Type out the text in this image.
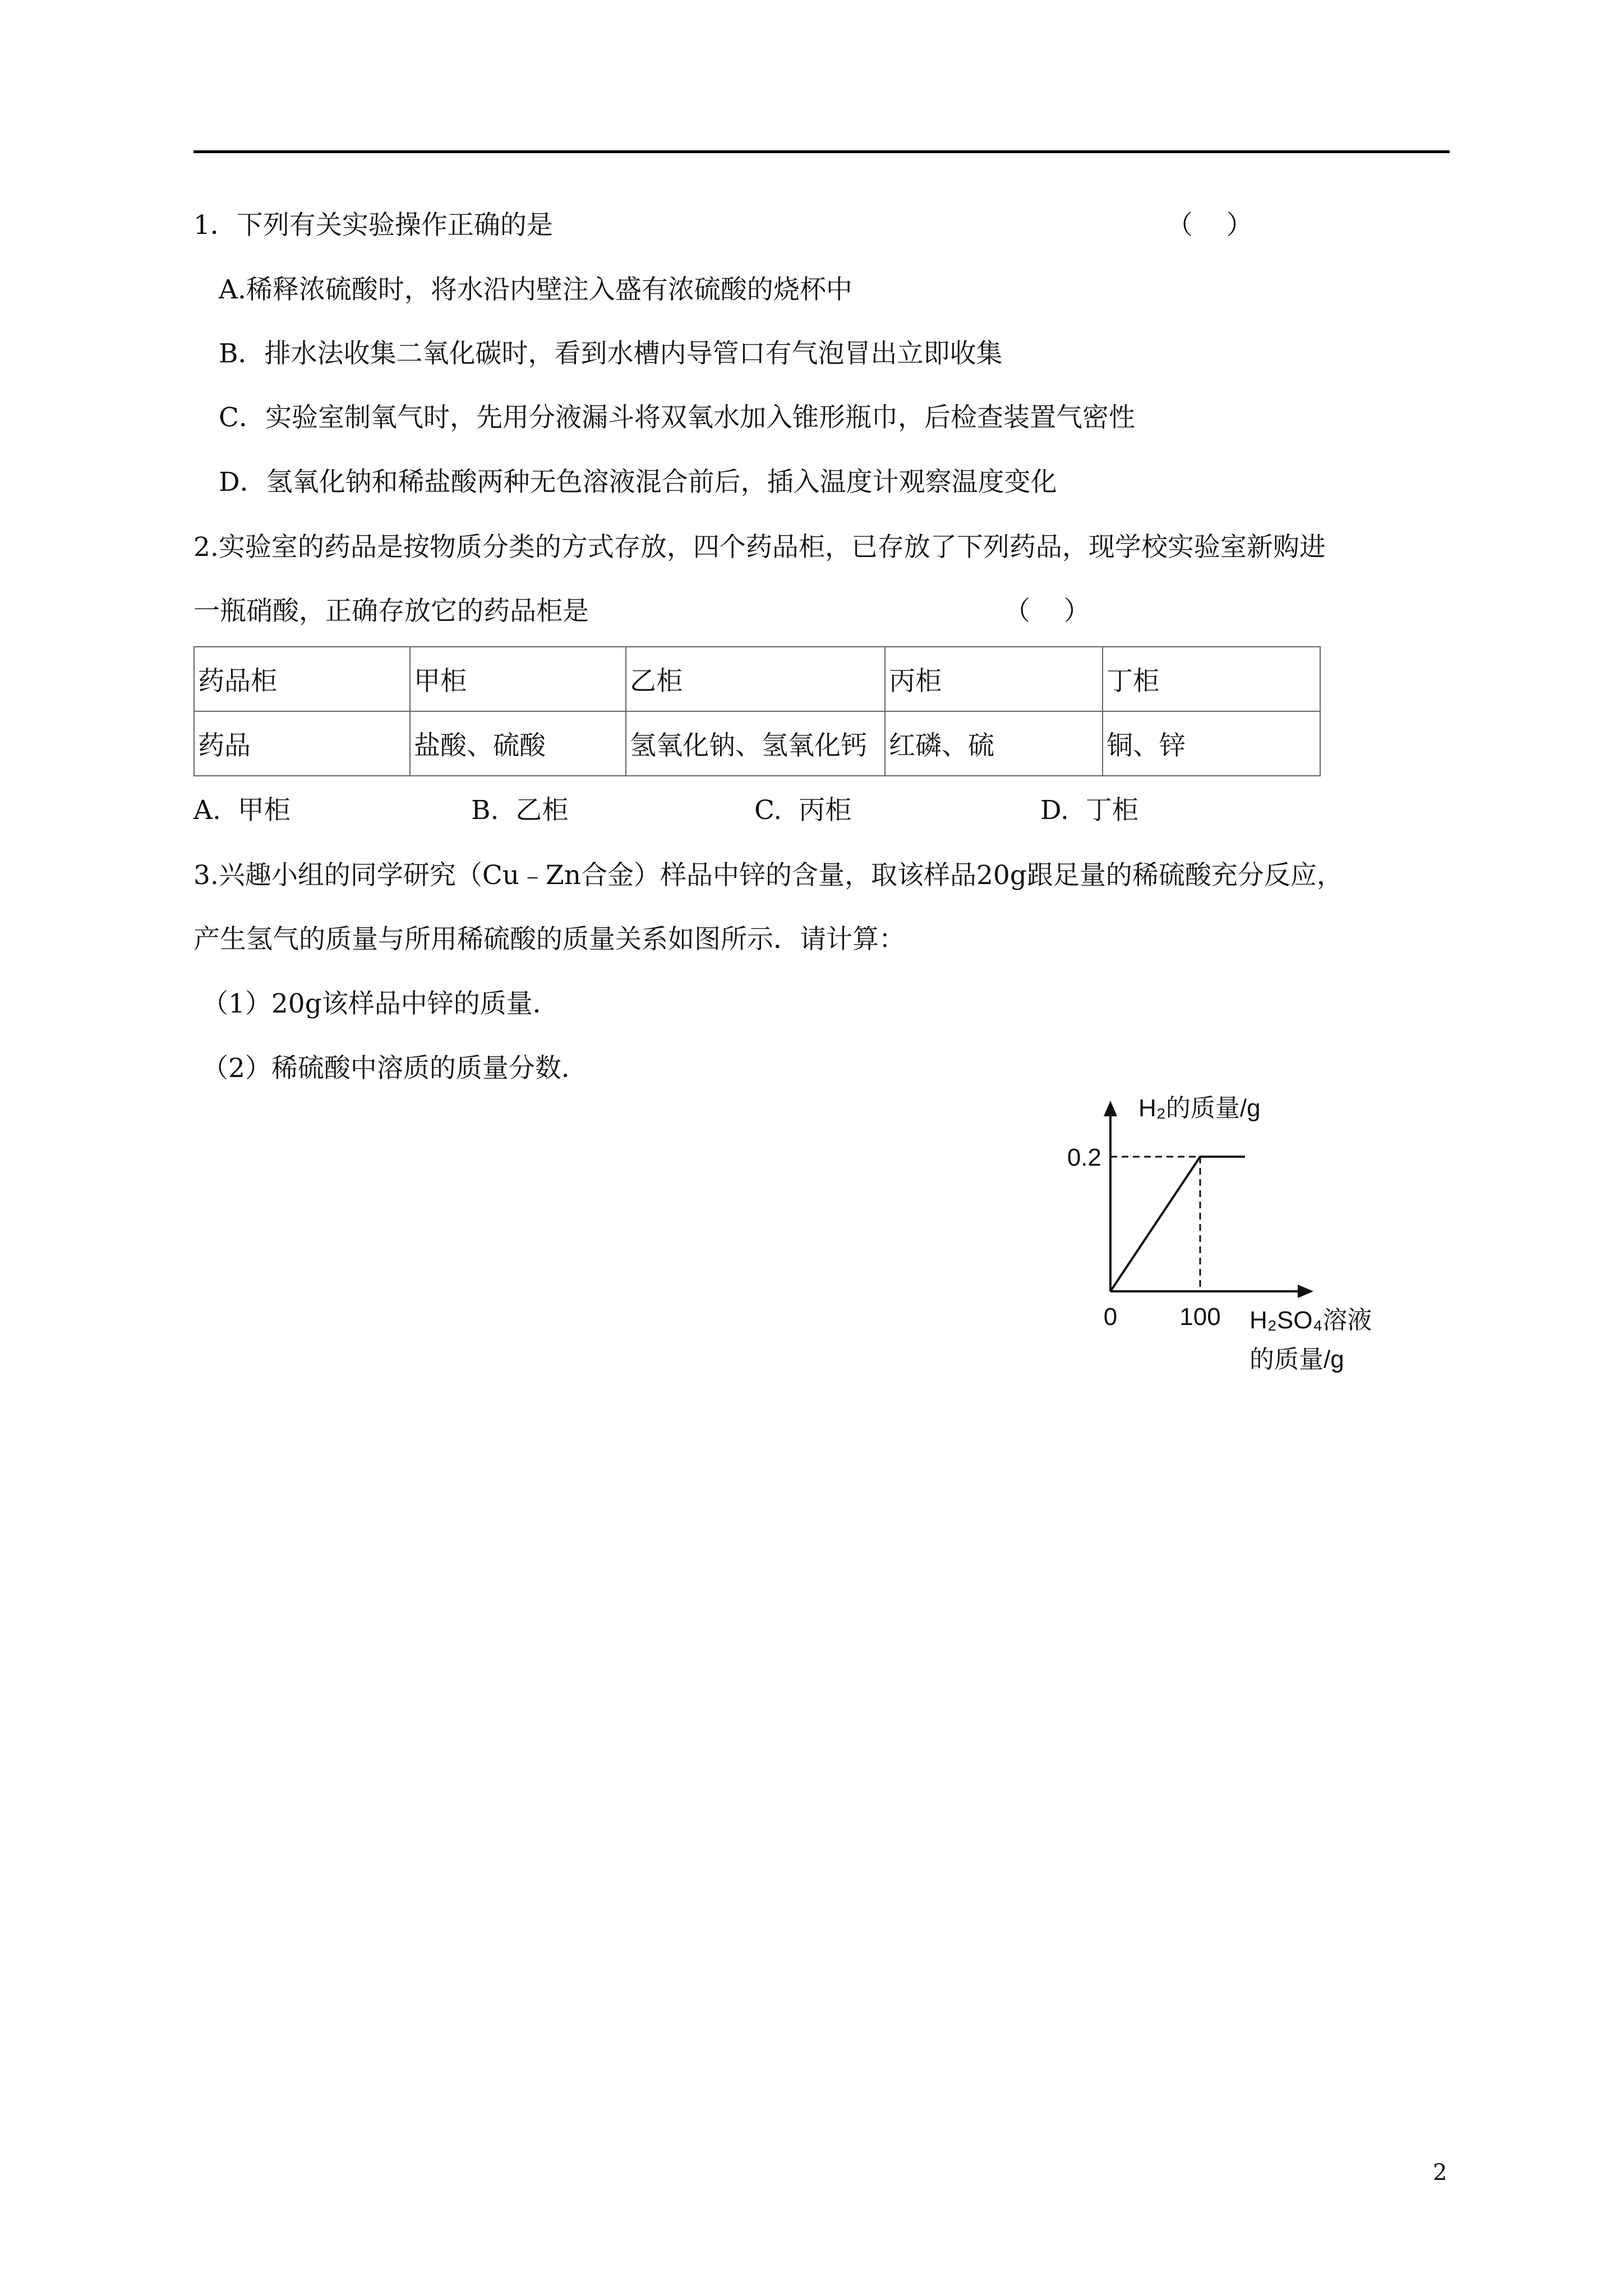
1．下列有关实验操作正确的是	（    ）
A.稀释浓硫酸时，将水沿内壁注入盛有浓硫酸的烧杯中
B．排水法收集二氧化碳时，看到水槽内导管口有气泡冒出立即收集
C．实验室制氧气时，先用分液漏斗将双氧水加入锥形瓶巾，后检查装置气密性
D．氢氧化钠和稀盐酸两种无色溶液混合前后，插入温度计观察温度变化
2.实验室的药品是按物质分类的方式存放，四个药品柜，已存放了下列药品，现学校实验室新购进
一瓶硝酸，正确存放它的药品柜是	（    ）
药品柜	甲柜	乙柜	丙柜	丁柜
药品	盐酸、硫酸	氢氧化钠、氢氧化钙	红磷、硫	铜、锌
A.  甲柜	B.  乙柜	C.  丙柜	D.  丁柜
3.兴趣小组的同学研究（Cu﹣Zn合金）样品中锌的含量，取该样品20g跟足量的稀硫酸充分反应，
产生氢气的质量与所用稀硫酸的质量关系如图所示．请计算：
（1）20g该样品中锌的质量．
（2）稀硫酸中溶质的质量分数．
H₂的质量/g
0.2
0	100 H₂SO₄溶液
的质量/g
2
